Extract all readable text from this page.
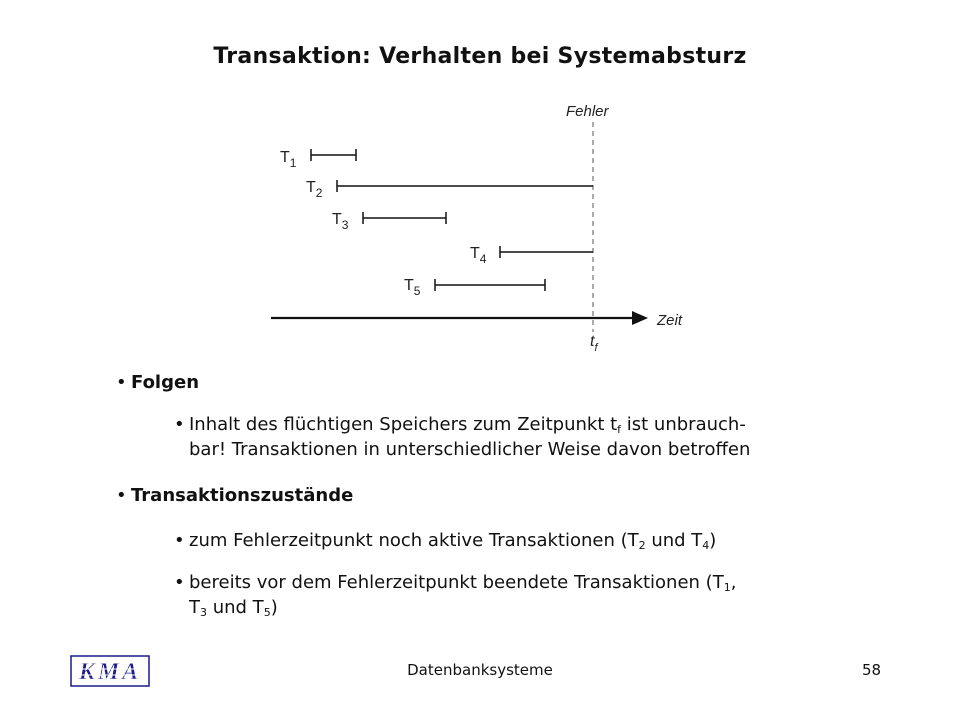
Transaktion: Verhalten bei Systemabsturz
Fehler
$T_1$
$T_2$
$T_3$
$T_4$
$T_5$
Zeit
$t_f$

• Folgen

• Inhalt des flüchtigen Speichers zum Zeitpunkt $t_f$ ist unbrauch-
bar! Transaktionen in unterschiedlicher Weise davon betroffen

• Transaktionszustände

• zum Fehlerzeitpunkt noch aktive Transaktionen ($T_2$ und $T_4$)

• bereits vor dem Fehlerzeitpunkt beendete Transaktionen ($T_1$,
$T_3$ und $T_5$)

KMA	Datenbanksysteme	58
